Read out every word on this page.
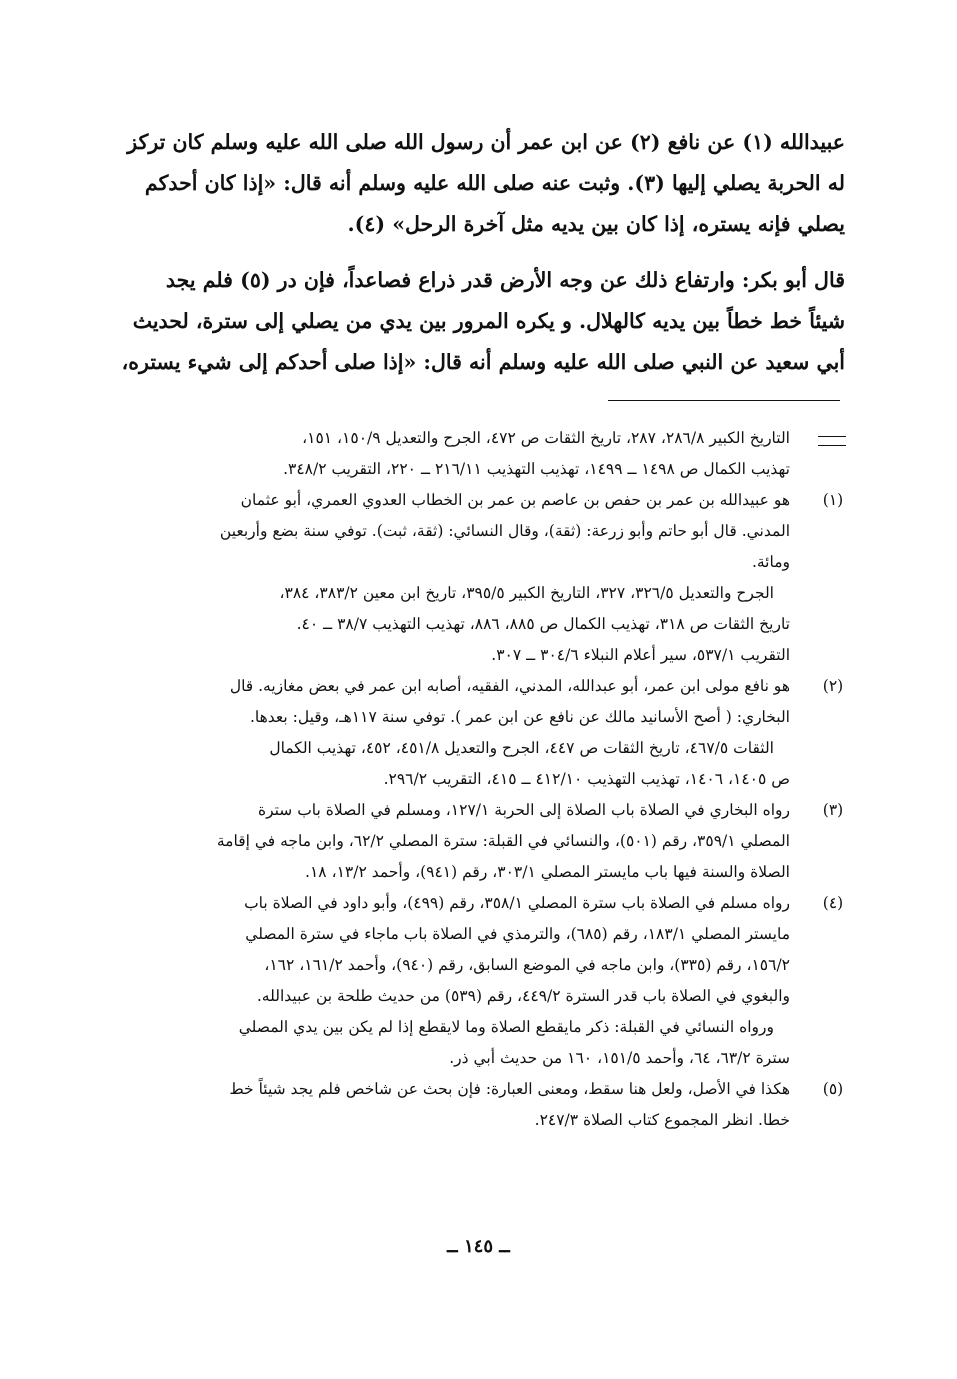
عبيدالله (١) عن نافع (٢) عن ابن عمر أن رسول الله صلى الله عليه وسلم كان تركز
له الحربة يصلي إليها (٣). وثبت عنه صلى الله عليه وسلم أنه قال: «إذا كان أحدكم
يصلي فإنه يستره، إذا كان بين يديه مثل آخرة الرحل» (٤).
قال أبو بكر: وارتفاع ذلك عن وجه الأرض قدر ذراع فصاعداً، فإن در (٥) فلم يجد
شيئاً خط خطاً بين يديه كالهلال. و يكره المرور بين يدي من يصلي إلى سترة، لحديث
أبي سعيد عن النبي صلى الله عليه وسلم أنه قال: «إذا صلى أحدكم إلى شيء يستره،
التاريخ الكبير ٢٨٦/٨، ٢٨٧، تاريخ الثقات ص ٤٧٢، الجرح والتعديل ١٥٠/٩، ١٥١،
تهذيب الكمال ص ١٤٩٨ ــ ١٤٩٩، تهذيب التهذيب ٢١٦/١١ ــ ٢٢٠، التقريب ٣٤٨/٢.
(١)
هو عبيدالله بن عمر بن حفص بن عاصم بن عمر بن الخطاب العدوي العمري، أبو عثمان
المدني. قال أبو حاتم وأبو زرعة: (ثقة)، وقال النسائي: (ثقة، ثبت). توفي سنة بضع وأربعين
ومائة.
الجرح والتعديل ٣٢٦/٥، ٣٢٧، التاريخ الكبير ٣٩٥/٥، تاريخ ابن معين ٣٨٣/٢، ٣٨٤،
تاريخ الثقات ص ٣١٨، تهذيب الكمال ص ٨٨٥، ٨٨٦، تهذيب التهذيب ٣٨/٧ ــ ٤٠.
التقريب ٥٣٧/١، سير أعلام النبلاء ٣٠٤/٦ ــ ٣٠٧.
(٢)
هو نافع مولى ابن عمر، أبو عبدالله، المدني، الفقيه، أصابه ابن عمر في بعض مغازيه. قال
البخاري: ( أصح الأسانيد مالك عن نافع عن ابن عمر ). توفي سنة ١١٧هـ، وقيل: بعدها.
الثقات ٤٦٧/٥، تاريخ الثقات ص ٤٤٧، الجرح والتعديل ٤٥١/٨، ٤٥٢، تهذيب الكمال
ص ١٤٠٥، ١٤٠٦، تهذيب التهذيب ٤١٢/١٠ ــ ٤١٥، التقريب ٢٩٦/٢.
(٣)
رواه البخاري في الصلاة باب الصلاة إلى الحربة ١٢٧/١، ومسلم في الصلاة باب سترة
المصلي ٣٥٩/١، رقم (٥٠١)، والنسائي في القبلة: سترة المصلي ٦٢/٢، وابن ماجه في إقامة
الصلاة والسنة فيها باب مايستر المصلي ٣٠٣/١، رقم (٩٤١)، وأحمد ١٣/٢، ١٨.
(٤)
رواه مسلم في الصلاة باب سترة المصلي ٣٥٨/١، رقم (٤٩٩)، وأبو داود في الصلاة باب
مايستر المصلي ١٨٣/١، رقم (٦٨٥)، والترمذي في الصلاة باب ماجاء في سترة المصلي
١٥٦/٢، رقم (٣٣٥)، وابن ماجه في الموضع السابق، رقم (٩٤٠)، وأحمد ١٦١/٢، ١٦٢،
والبغوي في الصلاة باب قدر السترة ٤٤٩/٢، رقم (٥٣٩) من حديث طلحة بن عبيدالله.
ورواه النسائي في القبلة: ذكر مايقطع الصلاة وما لايقطع إذا لم يكن بين يدي المصلي
سترة ٦٣/٢، ٦٤، وأحمد ١٥١/٥، ١٦٠ من حديث أبي ذر.
(٥)
هكذا في الأصل، ولعل هنا سقط، ومعنى العبارة: فإن بحث عن شاخص فلم يجد شيئاً خط
خطا. انظر المجموع كتاب الصلاة ٢٤٧/٣.
ــ ١٤٥ ــ
